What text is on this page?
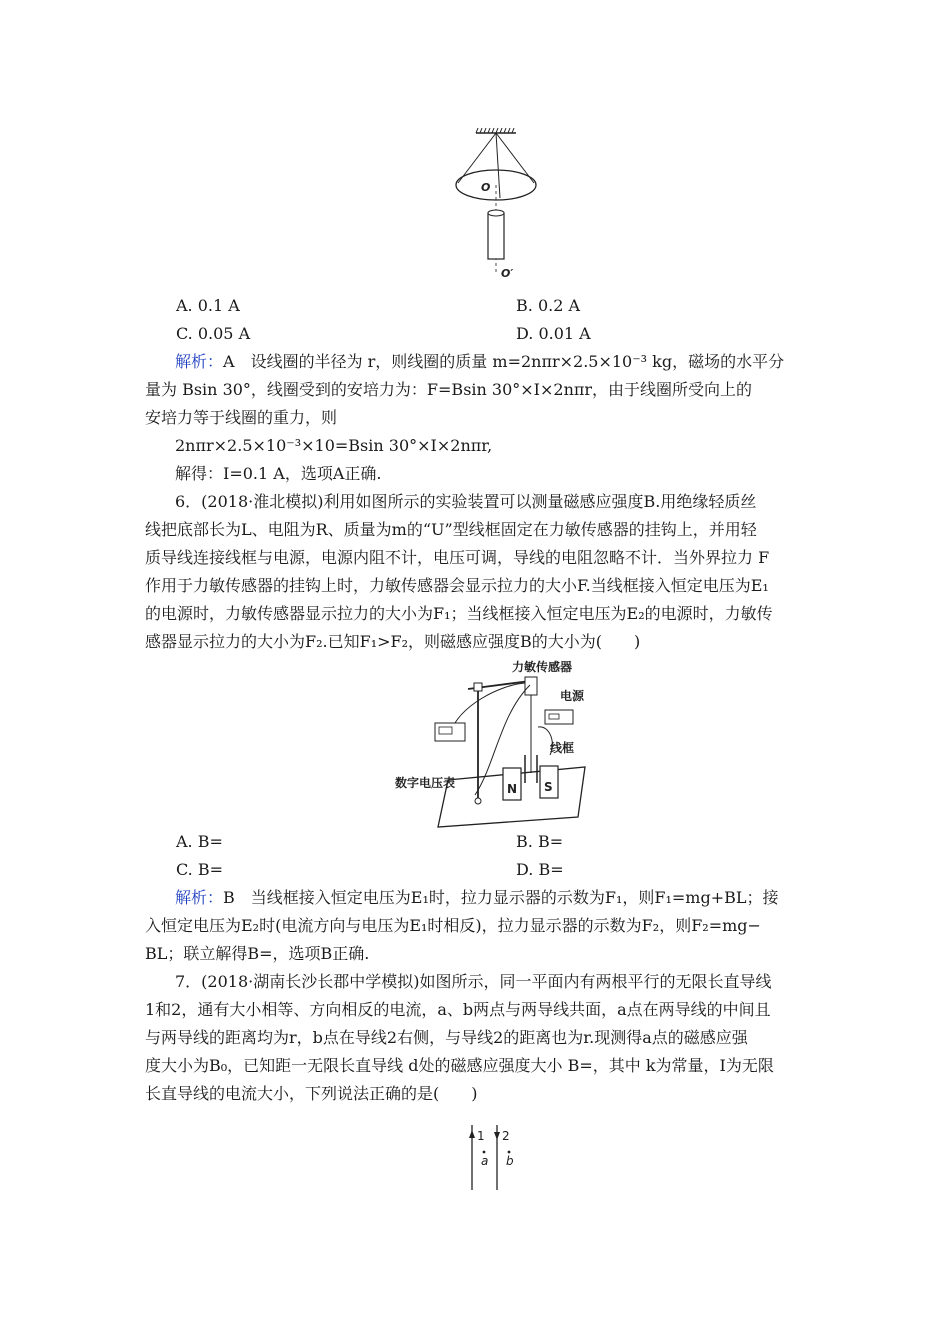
O
O′
A. 0.1 A	B. 0.2 A
C. 0.05 A	D. 0.01 A
解析：A　设线圈的半径为 r，则线圈的质量 m=2nπr×2.5×10⁻³ kg，磁场的水平分
量为 Bsin 30°，线圈受到的安培力为：F=Bsin 30°×I×2nπr，由于线圈所受向上的
安培力等于线圈的重力，则
2nπr×2.5×10⁻³×10=Bsin 30°×I×2nπr,
解得：I=0.1 A，选项A正确.
6．(2018·淮北模拟)利用如图所示的实验装置可以测量磁感应强度B.用绝缘轻质丝
线把底部长为L、电阻为R、质量为m的“U”型线框固定在力敏传感器的挂钩上，并用轻
质导线连接线框与电源，电源内阻不计，电压可调，导线的电阻忽略不计．当外界拉力 F
作用于力敏传感器的挂钩上时，力敏传感器会显示拉力的大小F.当线框接入恒定电压为E₁
的电源时，力敏传感器显示拉力的大小为F₁；当线框接入恒定电压为E₂的电源时，力敏传
感器显示拉力的大小为F₂.已知F₁>F₂，则磁感应强度B的大小为(　　)
力敏传感器
电源
线框
数字电压表	N S
A. B=	B. B=
C. B=	D. B=
解析：B　当线框接入恒定电压为E₁时，拉力显示器的示数为F₁，则F₁=mg+BL；接
入恒定电压为E₂时(电流方向与电压为E₁时相反)，拉力显示器的示数为F₂，则F₂=mg−
BL；联立解得B=，选项B正确.
7．(2018·湖南长沙长郡中学模拟)如图所示，同一平面内有两根平行的无限长直导线
1和2，通有大小相等、方向相反的电流，a、b两点与两导线共面，a点在两导线的中间且
与两导线的距离均为r，b点在导线2右侧，与导线2的距离也为r.现测得a点的磁感应强
度大小为B₀，已知距一无限长直导线 d处的磁感应强度大小 B=，其中 k为常量，I为无限
长直导线的电流大小，下列说法正确的是(　　)
1 2
a b
